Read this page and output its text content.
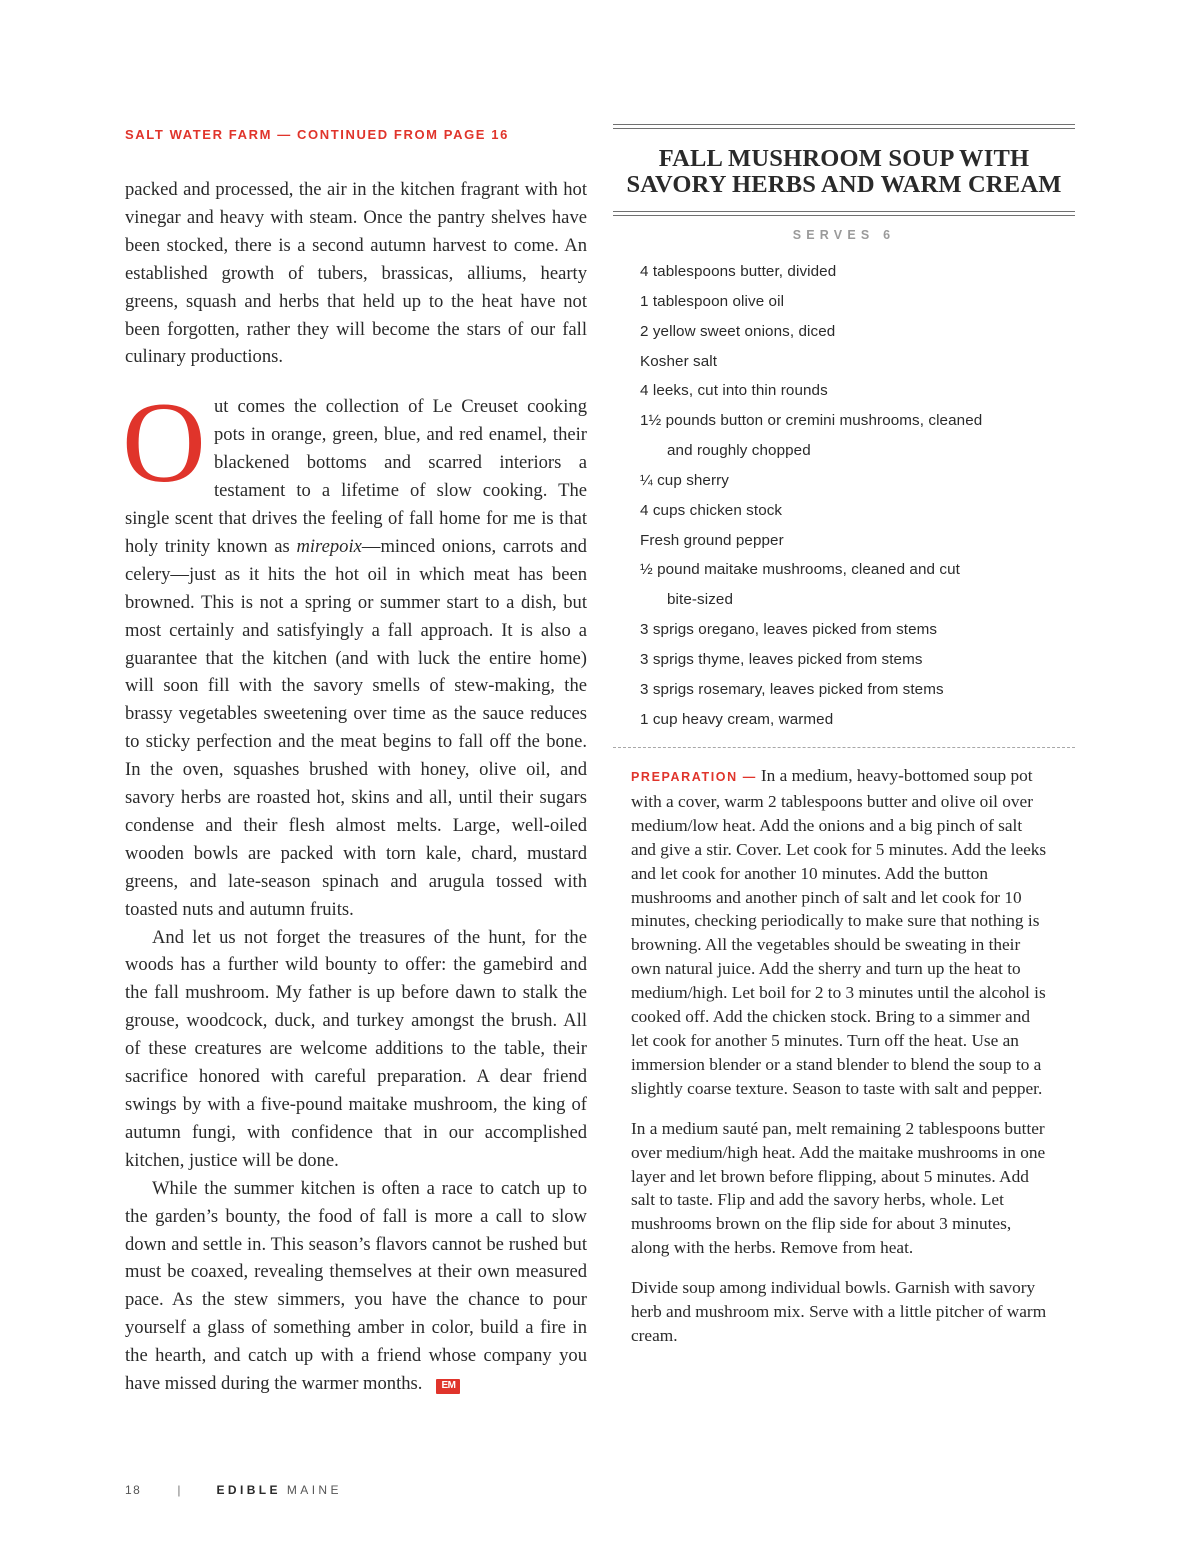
SALT WATER FARM — CONTINUED FROM PAGE 16

packed and processed, the air in the kitchen fragrant with hot vinegar and heavy with steam. Once the pantry shelves have been stocked, there is a second autumn harvest to come. An established growth of tubers, brassicas, alliums, hearty greens, squash and herbs that held up to the heat have not been forgotten, rather they will become the stars of our fall culinary productions.

Out comes the collection of Le Creuset cooking pots in orange, green, blue, and red enamel, their blackened bottoms and scarred interiors a testament to a lifetime of slow cooking. The single scent that drives the feeling of fall home for me is that holy trinity known as mirepoix—minced onions, carrots and celery—just as it hits the hot oil in which meat has been browned. This is not a spring or summer start to a dish, but most certainly and satisfyingly a fall approach. It is also a guarantee that the kitchen (and with luck the entire home) will soon fill with the savory smells of stew-making, the brassy vegetables sweetening over time as the sauce reduces to sticky perfection and the meat begins to fall off the bone. In the oven, squashes brushed with honey, olive oil, and savory herbs are roasted hot, skins and all, until their sugars condense and their flesh almost melts. Large, well-oiled wooden bowls are packed with torn kale, chard, mustard greens, and late-season spinach and arugula tossed with toasted nuts and autumn fruits.

And let us not forget the treasures of the hunt, for the woods has a further wild bounty to offer: the gamebird and the fall mushroom. My father is up before dawn to stalk the grouse, woodcock, duck, and turkey amongst the brush. All of these creatures are welcome additions to the table, their sacrifice honored with careful preparation. A dear friend swings by with a five-pound maitake mushroom, the king of autumn fungi, with confidence that in our accomplished kitchen, justice will be done.

While the summer kitchen is often a race to catch up to the garden’s bounty, the food of fall is more a call to slow down and settle in. This season’s flavors cannot be rushed but must be coaxed, revealing themselves at their own measured pace. As the stew simmers, you have the chance to pour yourself a glass of something amber in color, build a fire in the hearth, and catch up with a friend whose company you have missed during the warmer months. EM

FALL MUSHROOM SOUP WITH
SAVORY HERBS AND WARM CREAM
SERVES 6
4 tablespoons butter, divided
1 tablespoon olive oil
2 yellow sweet onions, diced
Kosher salt
4 leeks, cut into thin rounds
1½ pounds button or cremini mushrooms, cleaned
and roughly chopped
¼ cup sherry
4 cups chicken stock
Fresh ground pepper
½ pound maitake mushrooms, cleaned and cut
bite-sized
3 sprigs oregano, leaves picked from stems
3 sprigs thyme, leaves picked from stems
3 sprigs rosemary, leaves picked from stems
1 cup heavy cream, warmed

PREPARATION — In a medium, heavy-bottomed soup pot with a cover, warm 2 tablespoons butter and olive oil over medium/low heat. Add the onions and a big pinch of salt and give a stir. Cover. Let cook for 5 minutes. Add the leeks and let cook for another 10 minutes. Add the button mushrooms and another pinch of salt and let cook for 10 minutes, checking periodically to make sure that nothing is browning. All the vegetables should be sweating in their own natural juice. Add the sherry and turn up the heat to medium/high. Let boil for 2 to 3 minutes until the alcohol is cooked off. Add the chicken stock. Bring to a simmer and let cook for another 5 minutes. Turn off the heat. Use an immersion blender or a stand blender to blend the soup to a slightly coarse texture. Season to taste with salt and pepper.

In a medium sauté pan, melt remaining 2 tablespoons butter over medium/high heat. Add the maitake mushrooms in one layer and let brown before flipping, about 5 minutes. Add salt to taste. Flip and add the savory herbs, whole. Let mushrooms brown on the flip side for about 3 minutes, along with the herbs. Remove from heat.

Divide soup among individual bowls. Garnish with savory herb and mushroom mix. Serve with a little pitcher of warm cream.

18	|	EDIBLE MAINE
